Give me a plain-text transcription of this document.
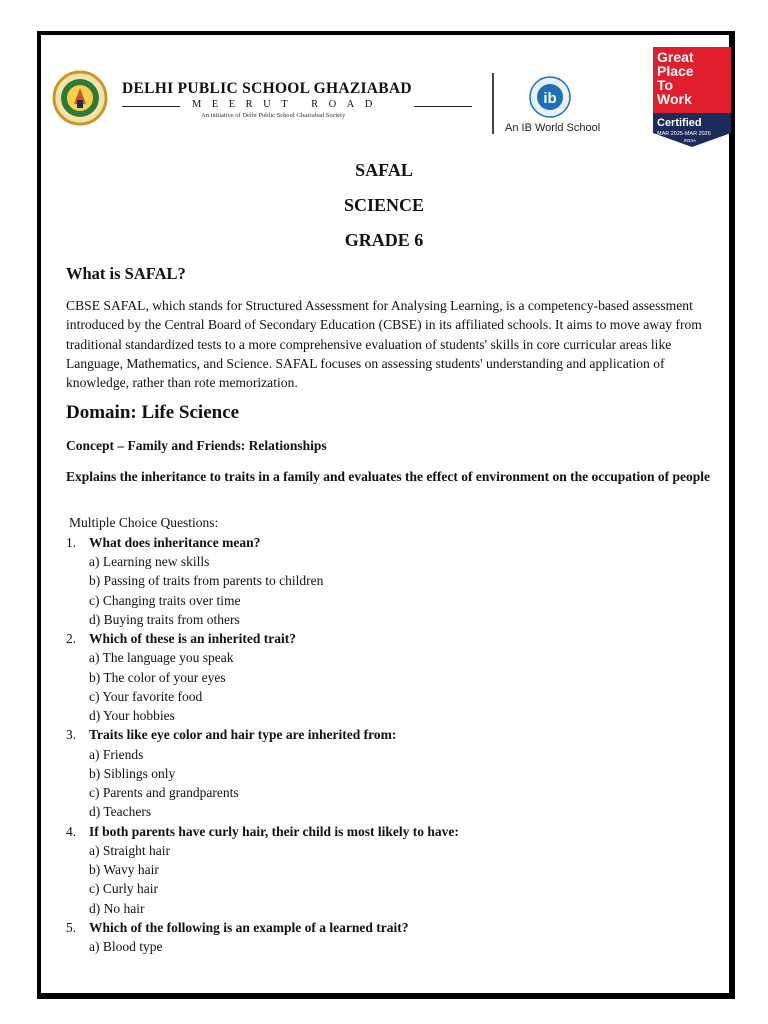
DELHI PUBLIC SCHOOL GHAZIABAD
MEERUT ROAD
An initiative of Delhi Public School Ghaziabad Society
ib
An IB World School
Great
Place
To
Work
Certified
MAR 2025-MAR 2026
INDIA
SAFAL
SCIENCE
GRADE 6
What is SAFAL?
CBSE SAFAL, which stands for Structured Assessment for Analysing Learning, is a competency-based assessment introduced by the Central Board of Secondary Education (CBSE) in its affiliated schools. It aims to move away from traditional standardized tests to a more comprehensive evaluation of students' skills in core curricular areas like Language, Mathematics, and Science. SAFAL focuses on assessing students' understanding and application of knowledge, rather than rote memorization.
Domain: Life Science
Concept – Family and Friends: Relationships
Explains the inheritance to traits in a family and evaluates the effect of environment on the occupation of people
Multiple Choice Questions:
1. What does inheritance mean?
a) Learning new skills
b) Passing of traits from parents to children
c) Changing traits over time
d) Buying traits from others
2. Which of these is an inherited trait?
a) The language you speak
b) The color of your eyes
c) Your favorite food
d) Your hobbies
3. Traits like eye color and hair type are inherited from:
a) Friends
b) Siblings only
c) Parents and grandparents
d) Teachers
4. If both parents have curly hair, their child is most likely to have:
a) Straight hair
b) Wavy hair
c) Curly hair
d) No hair
5. Which of the following is an example of a learned trait?
a) Blood type
